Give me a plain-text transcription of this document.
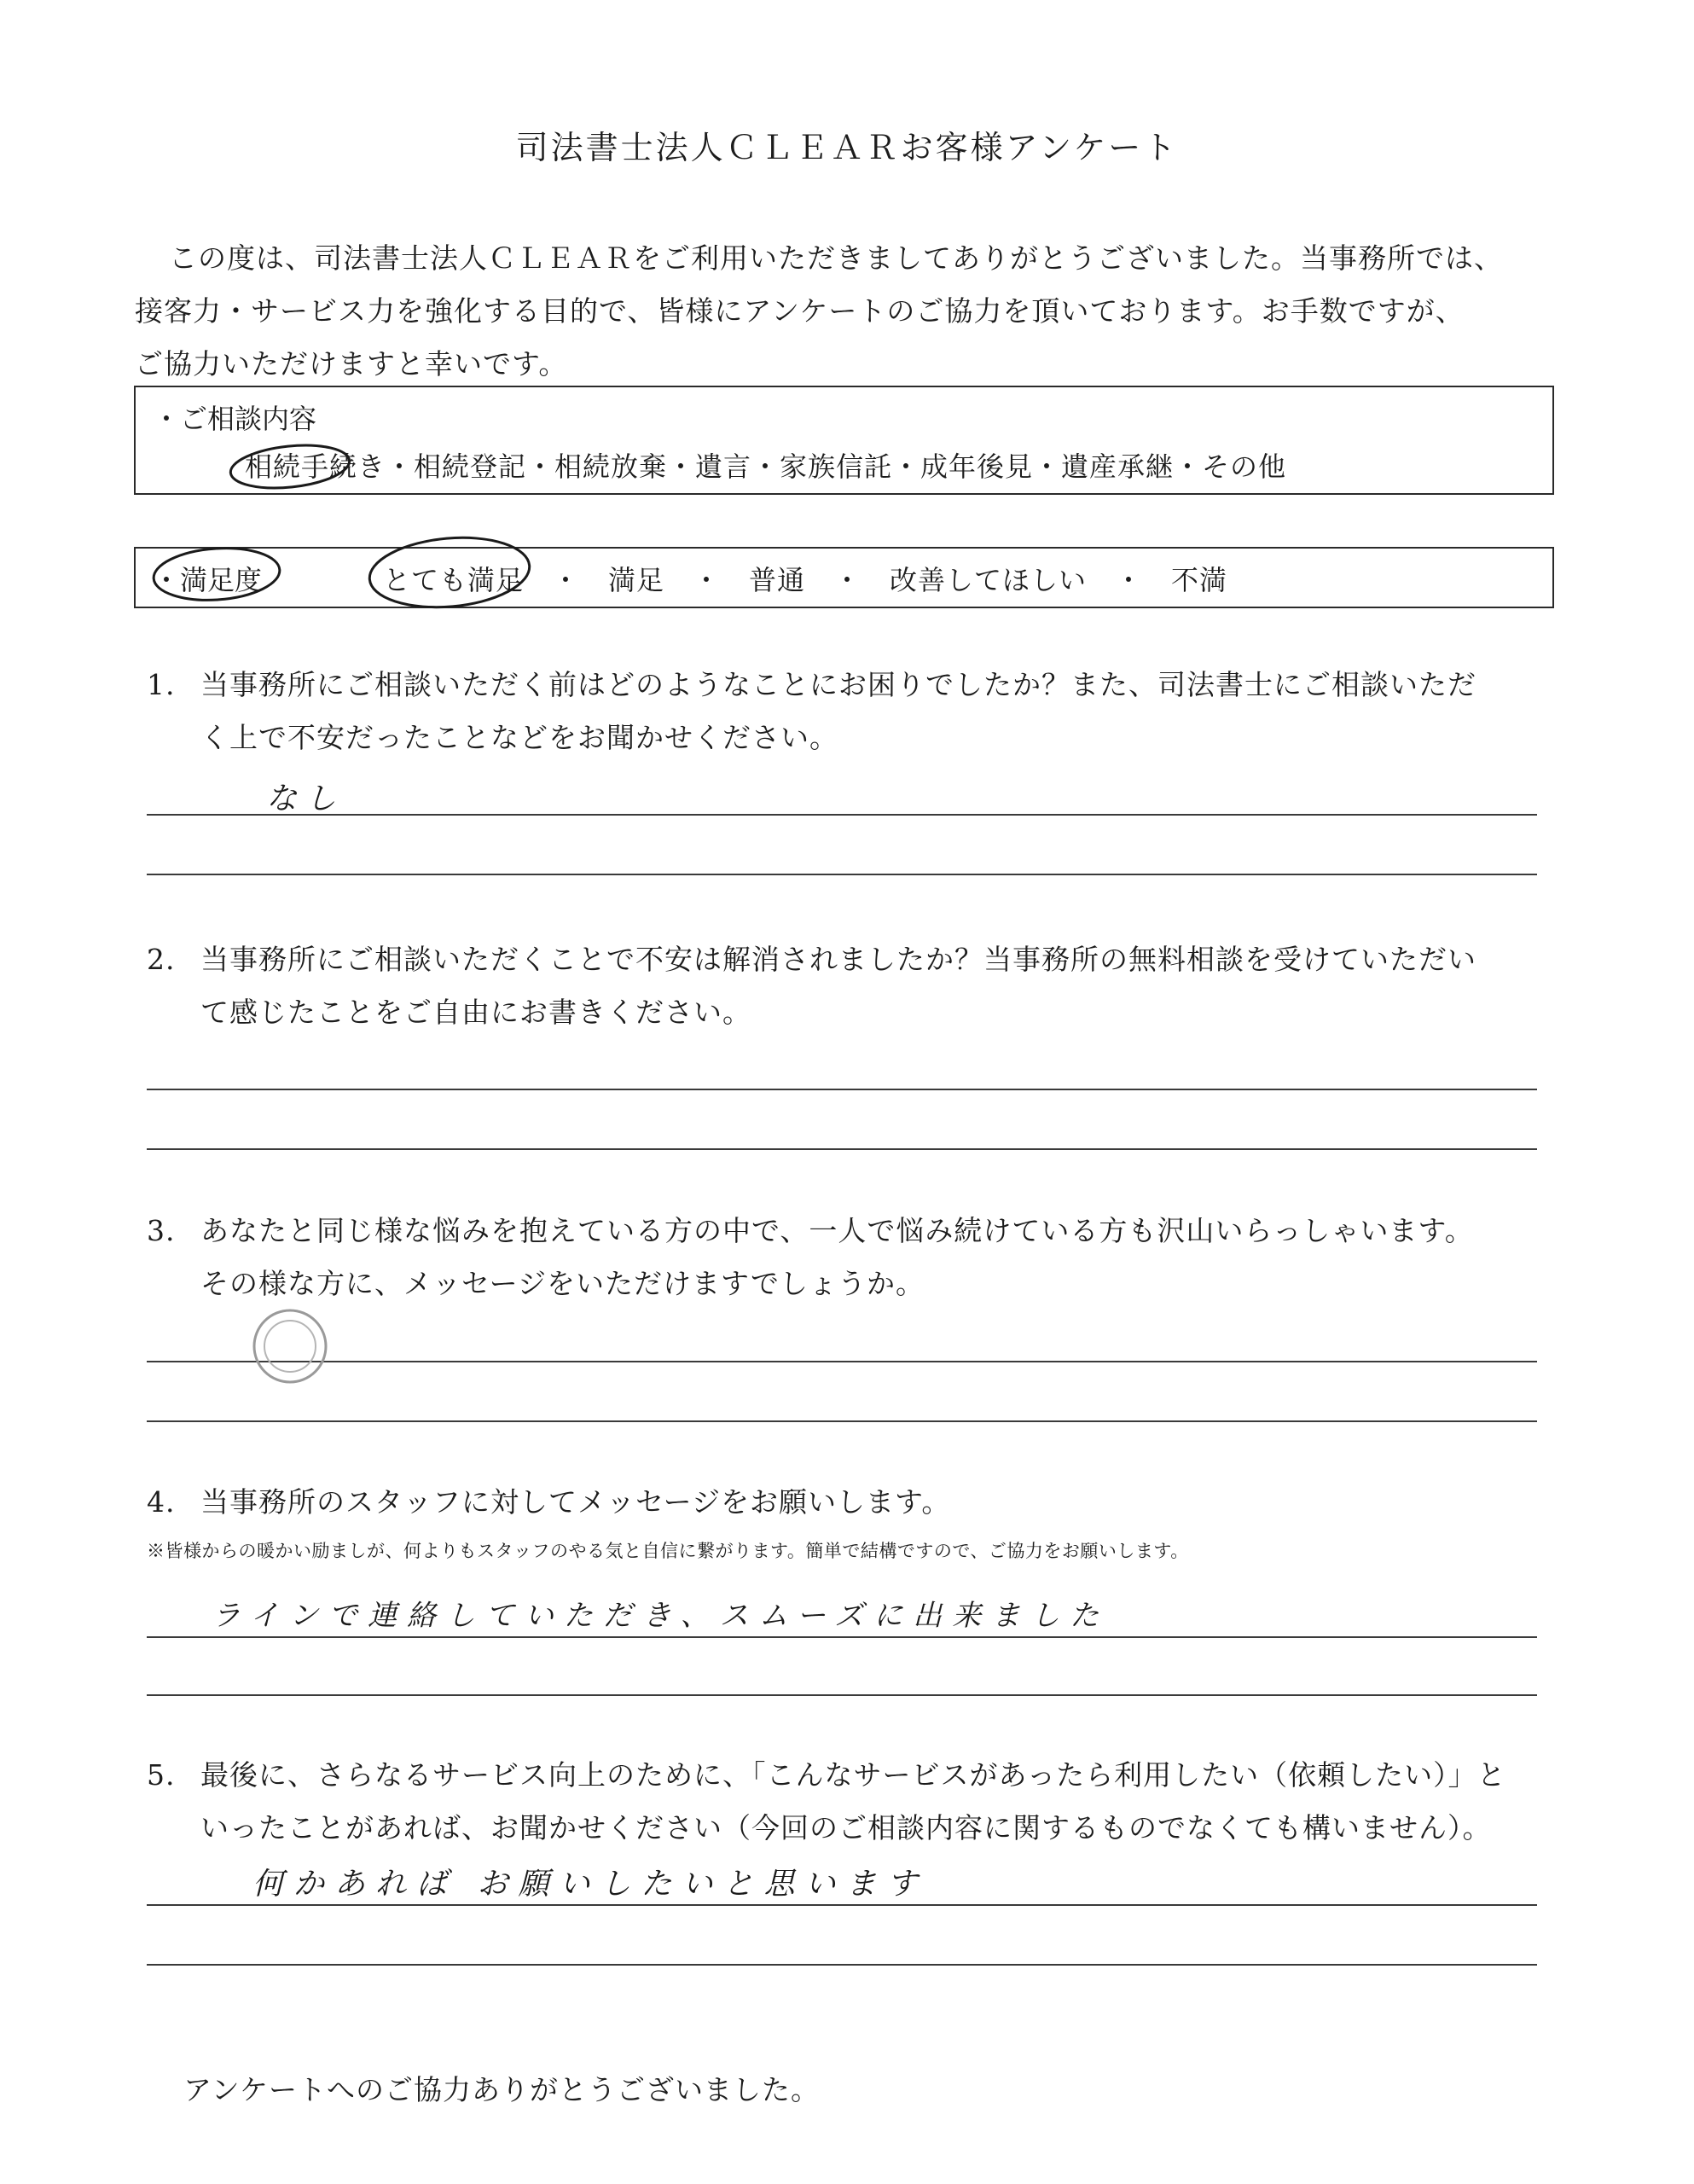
司法書士法人ＣＬＥＡＲお客様アンケート

この度は、司法書士法人ＣＬＥＡＲをご利用いただきましてありがとうございました。当事務所では、

接客力・サービス力を強化する目的で、皆様にアンケートのご協力を頂いております。お手数ですが、

ご協力いただけますと幸いです。

・ご相談内容
相続手続き・相続登記・相続放棄・遺言・家族信託・成年後見・遺産承継・その他
・満足度	とても満足　・　満足　・　普通　・　改善してほしい　・　不満
1. 当事務所にご相談いただく前はどのようなことにお困りでしたか？また、司法書士にご相談いただ
く上で不安だったことなどをお聞かせください。
なし
2. 当事務所にご相談いただくことで不安は解消されましたか？当事務所の無料相談を受けていただい
て感じたことをご自由にお書きください。
3. あなたと同じ様な悩みを抱えている方の中で、一人で悩み続けている方も沢山いらっしゃいます。
その様な方に、メッセージをいただけますでしょうか。
4. 当事務所のスタッフに対してメッセージをお願いします。
※皆様からの暖かい励ましが、何よりもスタッフのやる気と自信に繋がります。簡単で結構ですので、ご協力をお願いします。
ラインで連絡していただき、スムーズに出来ました
5. 最後に、さらなるサービス向上のために、「こんなサービスがあったら利用したい（依頼したい）」と
いったことがあれば、お聞かせください（今回のご相談内容に関するものでなくても構いません）。
何かあれば お願いしたいと思います
アンケートへのご協力ありがとうございました。
